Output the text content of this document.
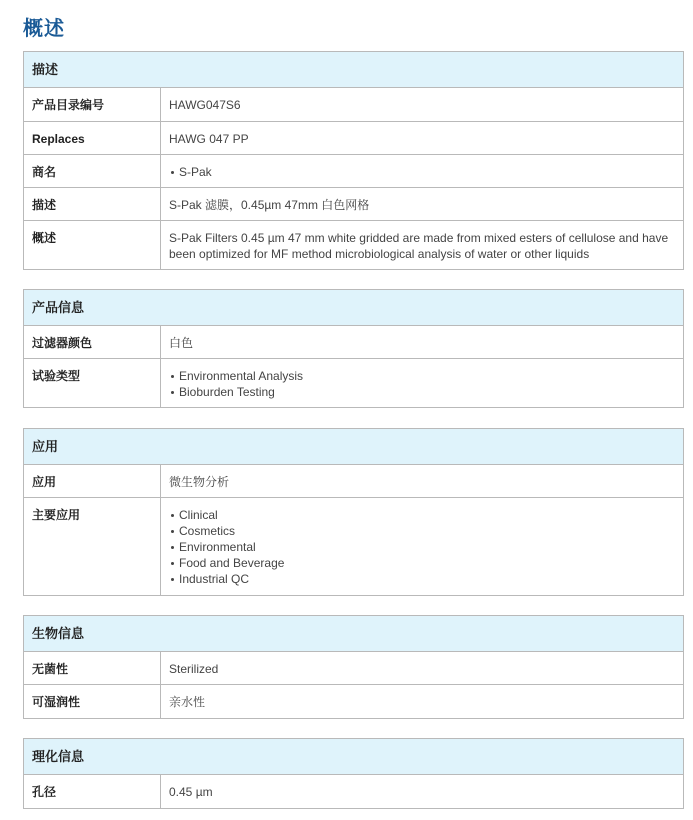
概述
描述
产品目录编号	HAWG047S6
Replaces	HAWG 047 PP
商名	S-Pak
描述	S-Pak 滤膜，0.45µm 47mm 白色网格
概述	S-Pak Filters 0.45 µm 47 mm white gridded are made from mixed esters of cellulose and have been optimized for MF method microbiological analysis of water or other liquids
产品信息
过滤器颜色	白色
试验类型	Environmental Analysis
Bioburden Testing
应用
应用	微生物分析
主要应用	Clinical
Cosmetics
Environmental
Food and Beverage
Industrial QC
生物信息
无菌性	Sterilized
可湿润性	亲水性
理化信息
孔径	0.45 µm
